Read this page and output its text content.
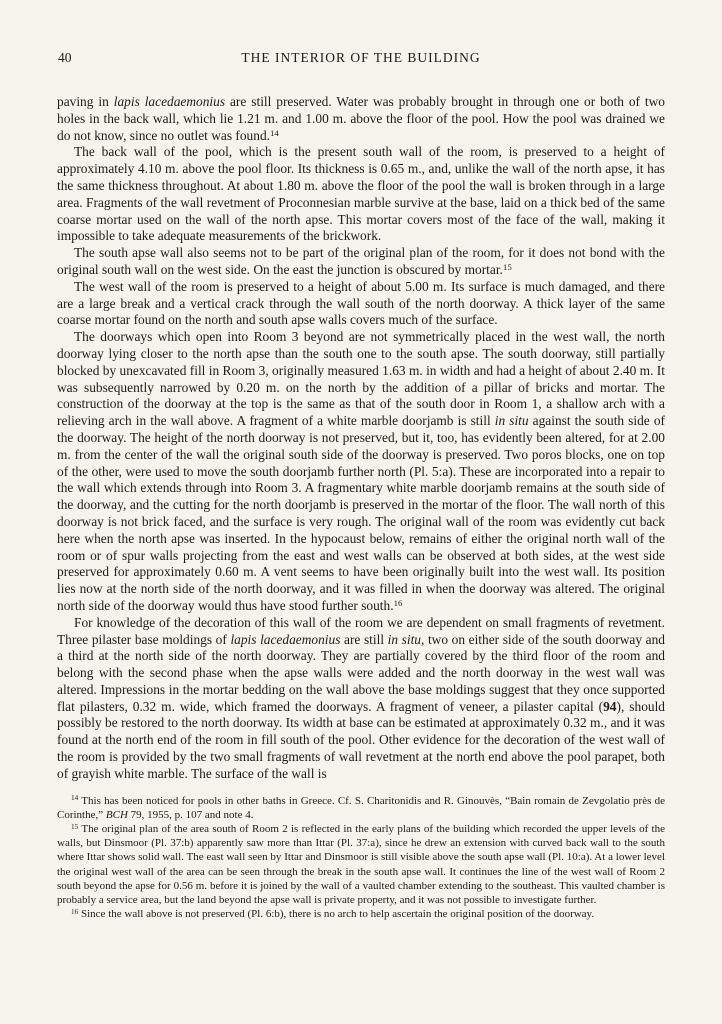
40	THE INTERIOR OF THE BUILDING

paving in lapis lacedaemonius are still preserved. Water was probably brought in through one or both of two holes in the back wall, which lie 1.21 m. and 1.00 m. above the floor of the pool. How the pool was drained we do not know, since no outlet was found.$^{14}$

The back wall of the pool, which is the present south wall of the room, is preserved to a height of approximately 4.10 m. above the pool floor. Its thickness is 0.65 m., and, unlike the wall of the north apse, it has the same thickness throughout. At about 1.80 m. above the floor of the pool the wall is broken through in a large area. Fragments of the wall revetment of Proconnesian marble survive at the base, laid on a thick bed of the same coarse mortar used on the wall of the north apse. This mortar covers most of the face of the wall, making it impossible to take adequate measurements of the brickwork.

The south apse wall also seems not to be part of the original plan of the room, for it does not bond with the original south wall on the west side. On the east the junction is obscured by mortar.$^{15}$

The west wall of the room is preserved to a height of about 5.00 m. Its surface is much damaged, and there are a large break and a vertical crack through the wall south of the north doorway. A thick layer of the same coarse mortar found on the north and south apse walls covers much of the surface.

The doorways which open into Room 3 beyond are not symmetrically placed in the west wall, the north doorway lying closer to the north apse than the south one to the south apse. The south doorway, still partially blocked by unexcavated fill in Room 3, originally measured 1.63 m. in width and had a height of about 2.40 m. It was subsequently narrowed by 0.20 m. on the north by the addition of a pillar of bricks and mortar. The construction of the doorway at the top is the same as that of the south door in Room 1, a shallow arch with a relieving arch in the wall above. A fragment of a white marble doorjamb is still in situ against the south side of the doorway. The height of the north doorway is not preserved, but it, too, has evidently been altered, for at 2.00 m. from the center of the wall the original south side of the doorway is preserved. Two poros blocks, one on top of the other, were used to move the south doorjamb further north (Pl. 5:a). These are incorporated into a repair to the wall which extends through into Room 3. A fragmentary white marble doorjamb remains at the south side of the doorway, and the cutting for the north doorjamb is preserved in the mortar of the floor. The wall north of this doorway is not brick faced, and the surface is very rough. The original wall of the room was evidently cut back here when the north apse was inserted. In the hypocaust below, remains of either the original north wall of the room or of spur walls projecting from the east and west walls can be observed at both sides, at the west side preserved for approximately 0.60 m. A vent seems to have been originally built into the west wall. Its position lies now at the north side of the north doorway, and it was filled in when the doorway was altered. The original north side of the doorway would thus have stood further south.$^{16}$

For knowledge of the decoration of this wall of the room we are dependent on small fragments of revetment. Three pilaster base moldings of lapis lacedaemonius are still in situ, two on either side of the south doorway and a third at the north side of the north doorway. They are partially covered by the third floor of the room and belong with the second phase when the apse walls were added and the north doorway in the west wall was altered. Impressions in the mortar bedding on the wall above the base moldings suggest that they once supported flat pilasters, 0.32 m. wide, which framed the doorways. A fragment of veneer, a pilaster capital (94), should possibly be restored to the north doorway. Its width at base can be estimated at approximately 0.32 m., and it was found at the north end of the room in fill south of the pool. Other evidence for the decoration of the west wall of the room is provided by the two small fragments of wall revetment at the north end above the pool parapet, both of grayish white marble. The surface of the wall is

$^{14}$ This has been noticed for pools in other baths in Greece. Cf. S. Charitonidis and R. Ginouvès, “Bain romain de Zevgolatio près de Corinthe,” BCH 79, 1955, p. 107 and note 4.

$^{15}$ The original plan of the area south of Room 2 is reflected in the early plans of the building which recorded the upper levels of the walls, but Dinsmoor (Pl. 37:b) apparently saw more than Ittar (Pl. 37:a), since he drew an extension with curved back wall to the south where Ittar shows solid wall. The east wall seen by Ittar and Dinsmoor is still visible above the south apse wall (Pl. 10:a). At a lower level the original west wall of the area can be seen through the break in the south apse wall. It continues the line of the west wall of Room 2 south beyond the apse for 0.56 m. before it is joined by the wall of a vaulted chamber extending to the southeast. This vaulted chamber is probably a service area, but the land beyond the apse wall is private property, and it was not possible to investigate further.

$^{16}$ Since the wall above is not preserved (Pl. 6:b), there is no arch to help ascertain the original position of the doorway.
